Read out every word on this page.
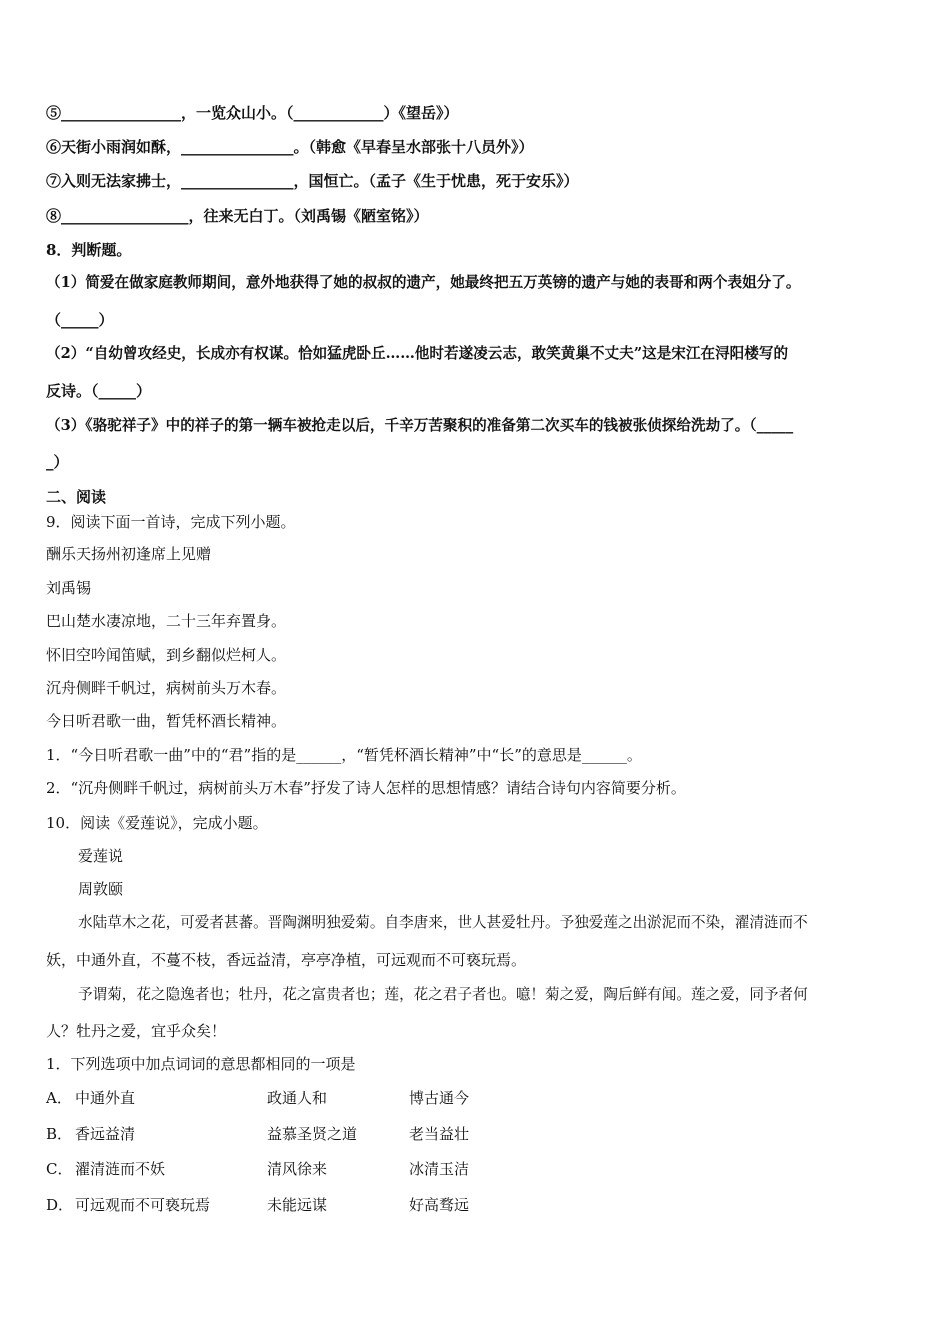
⑤________________，一览众山小。（____________）《望岳》）
⑥天街小雨润如酥，_______________。（韩愈《早春呈水部张十八员外》）
⑦入则无法家拂士，_______________，国恒亡。（孟子《生于忧患，死于安乐》）
⑧_________________，往来无白丁。（刘禹锡《陋室铭》）
8．判断题。
（1）简爱在做家庭教师期间，意外地获得了她的叔叔的遗产，她最终把五万英镑的遗产与她的表哥和两个表姐分了。
（_____）
（2）“自幼曾攻经史，长成亦有权谋。恰如猛虎卧丘……他时若遂凌云志，敢笑黄巢不丈夫”这是宋江在浔阳楼写的
反诗。（_____）
（3）《骆驼祥子》中的祥子的第一辆车被抢走以后，千辛万苦聚积的准备第二次买车的钱被张侦探给洗劫了。（_____
_）
二、阅读
9．阅读下面一首诗，完成下列小题。
酬乐天扬州初逢席上见赠
刘禹锡
巴山楚水凄凉地，二十三年弃置身。
怀旧空吟闻笛赋，到乡翻似烂柯人。
沉舟侧畔千帆过，病树前头万木春。
今日听君歌一曲，暂凭杯酒长精神。
1．“今日听君歌一曲”中的“君”指的是______，“暂凭杯酒长精神”中“长”的意思是______。
2．“沉舟侧畔千帆过，病树前头万木春”抒发了诗人怎样的思想情感？请结合诗句内容简要分析。
10．阅读《爱莲说》，完成小题。
爱莲说
周敦颐
水陆草木之花，可爱者甚蕃。晋陶渊明独爱菊。自李唐来，世人甚爱牡丹。予独爱莲之出淤泥而不染，濯清涟而不
妖，中通外直，不蔓不枝，香远益清，亭亭净植，可远观而不可亵玩焉。
予谓菊，花之隐逸者也；牡丹，花之富贵者也；莲，花之君子者也。噫！菊之爱，陶后鲜有闻。莲之爱，同予者何
人？牡丹之爱，宜乎众矣！
1．下列选项中加点词词的意思都相同的一项是
A． 中通外直	政通人和	博古通今
B． 香远益清	益慕圣贤之道	老当益壮
C． 濯清涟而不妖	清风徐来	冰清玉洁
D． 可远观而不可亵玩焉	未能远谋	好高骛远
